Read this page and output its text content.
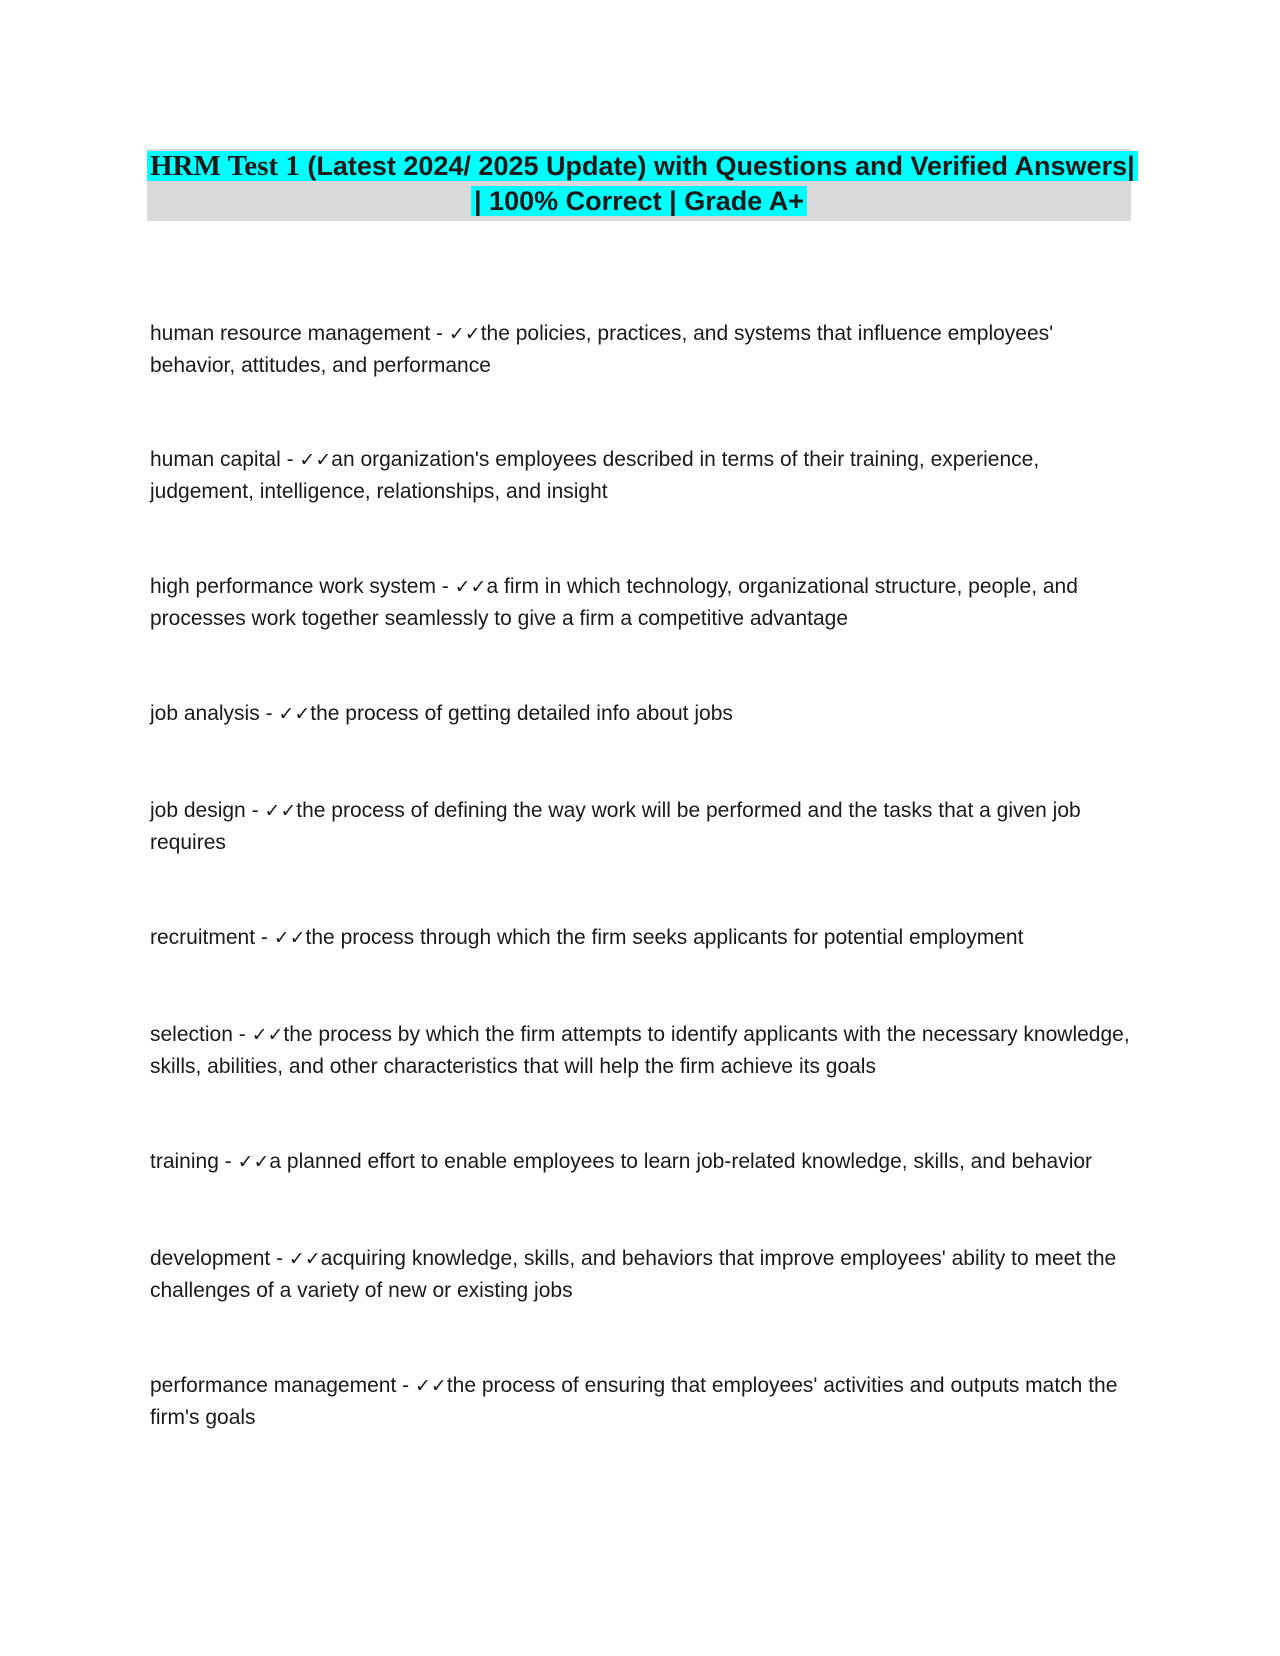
HRM Test 1 (Latest 2024/ 2025 Update) with Questions and Verified Answers|
| 100% Correct | Grade A+
human resource management - ✓✓the policies, practices, and systems that influence employees' behavior, attitudes, and performance
human capital - ✓✓an organization's employees described in terms of their training, experience, judgement, intelligence, relationships, and insight
high performance work system - ✓✓a firm in which technology, organizational structure, people, and processes work together seamlessly to give a firm a competitive advantage
job analysis - ✓✓the process of getting detailed info about jobs
job design - ✓✓the process of defining the way work will be performed and the tasks that a given job requires
recruitment - ✓✓the process through which the firm seeks applicants for potential employment
selection - ✓✓the process by which the firm attempts to identify applicants with the necessary knowledge, skills, abilities, and other characteristics that will help the firm achieve its goals
training - ✓✓a planned effort to enable employees to learn job-related knowledge, skills, and behavior
development - ✓✓acquiring knowledge, skills, and behaviors that improve employees' ability to meet the challenges of a variety of new or existing jobs
performance management - ✓✓the process of ensuring that employees' activities and outputs match the firm's goals
